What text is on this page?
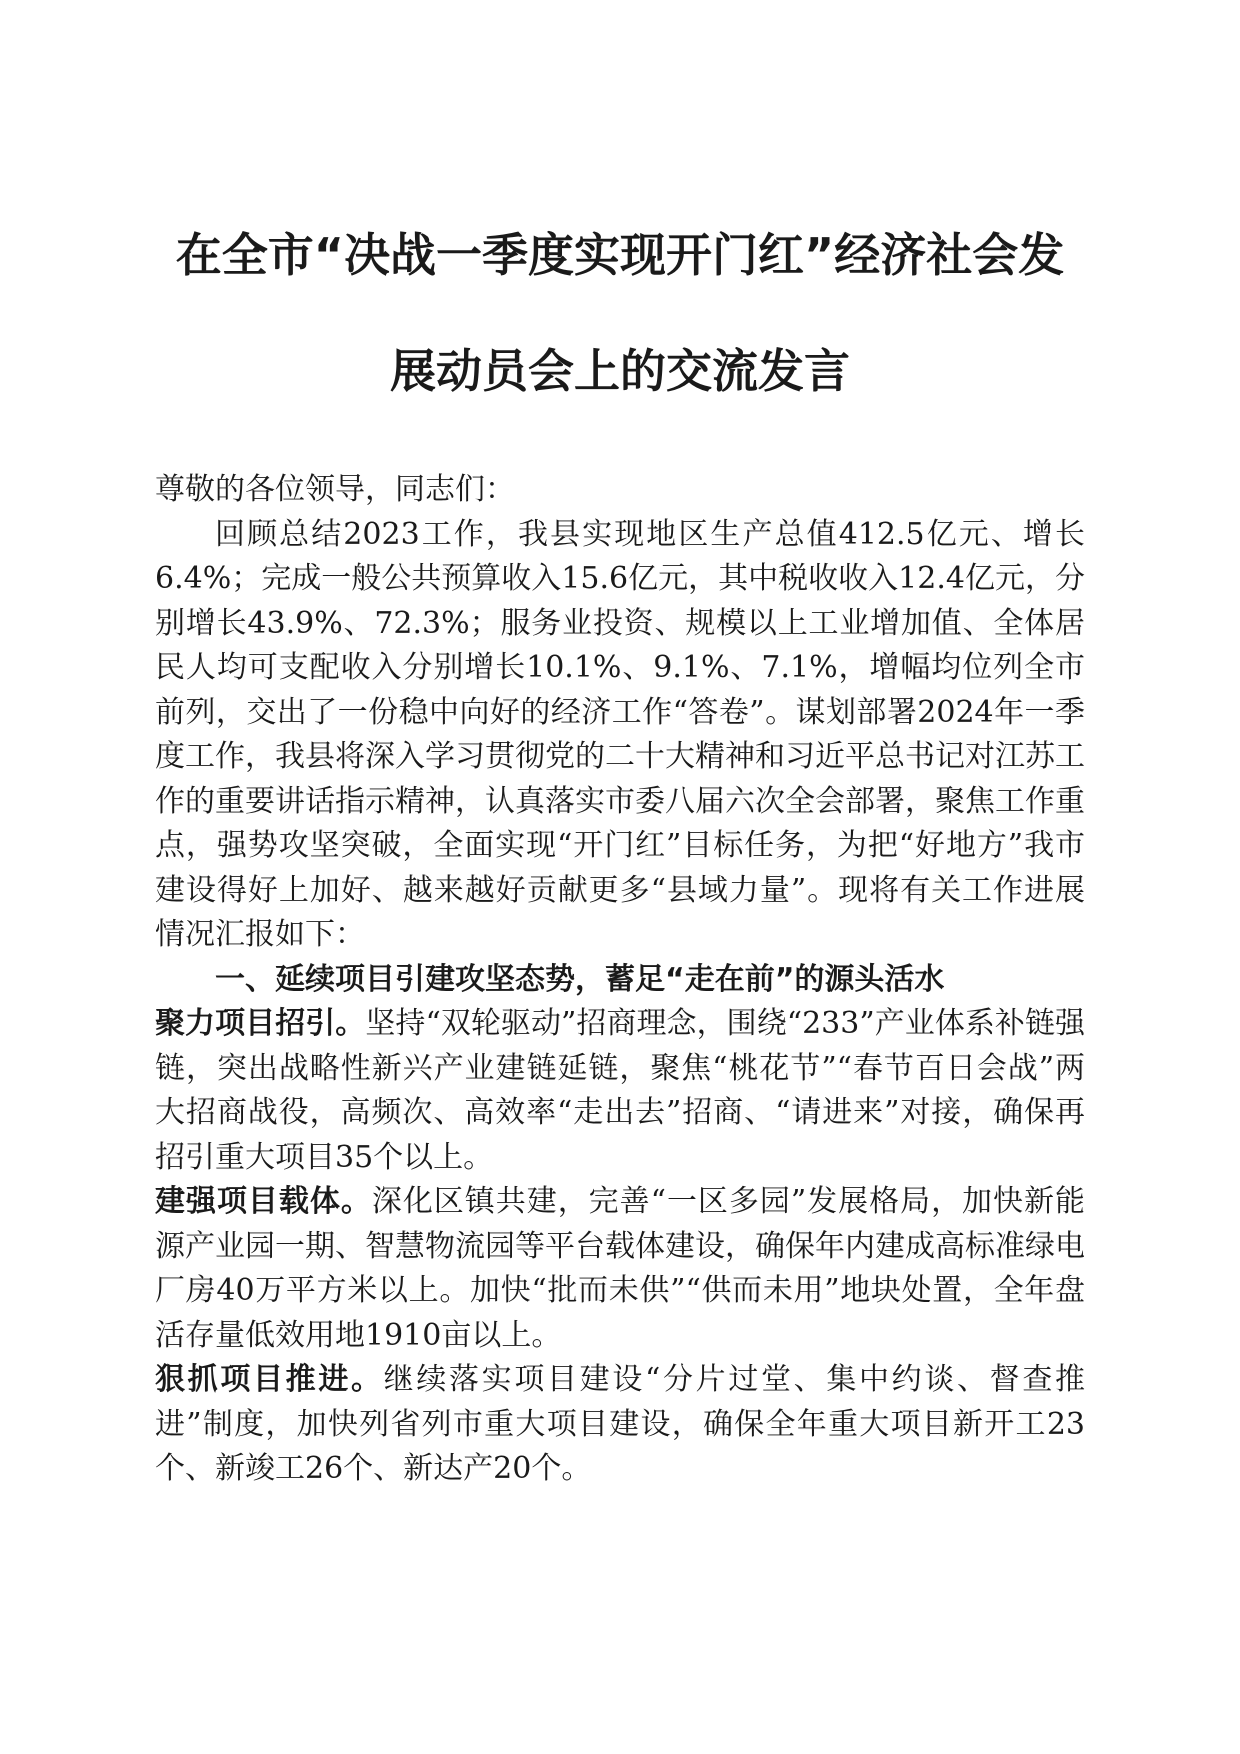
在全市“决战一季度实现开门红”经济社会发
展动员会上的交流发言

尊敬的各位领导，同志们：

回顾总结2023工作，我县实现地区生产总值412.5亿元、增长6.4%；完成一般公共预算收入15.6亿元，其中税收收入12.4亿元，分别增长43.9%、72.3%；服务业投资、规模以上工业增加值、全体居民人均可支配收入分别增长10.1%、9.1%、7.1%，增幅均位列全市前列，交出了一份稳中向好的经济工作“答卷”。谋划部署2024年一季度工作，我县将深入学习贯彻党的二十大精神和习近平总书记对江苏工作的重要讲话指示精神，认真落实市委八届六次全会部署，聚焦工作重点，强势攻坚突破，全面实现“开门红”目标任务，为把“好地方”我市建设得好上加好、越来越好贡献更多“县域力量”。现将有关工作进展情况汇报如下：

一、延续项目引建攻坚态势，蓄足“走在前”的源头活水

聚力项目招引。坚持“双轮驱动”招商理念，围绕“233”产业体系补链强链，突出战略性新兴产业建链延链，聚焦“桃花节”“春节百日会战”两大招商战役，高频次、高效率“走出去”招商、“请进来”对接，确保再招引重大项目35个以上。

建强项目载体。深化区镇共建，完善“一区多园”发展格局，加快新能源产业园一期、智慧物流园等平台载体建设，确保年内建成高标准绿电厂房40万平方米以上。加快“批而未供”“供而未用”地块处置，全年盘活存量低效用地1910亩以上。

狠抓项目推进。继续落实项目建设“分片过堂、集中约谈、督查推进”制度，加快列省列市重大项目建设，确保全年重大项目新开工23个、新竣工26个、新达产20个。
